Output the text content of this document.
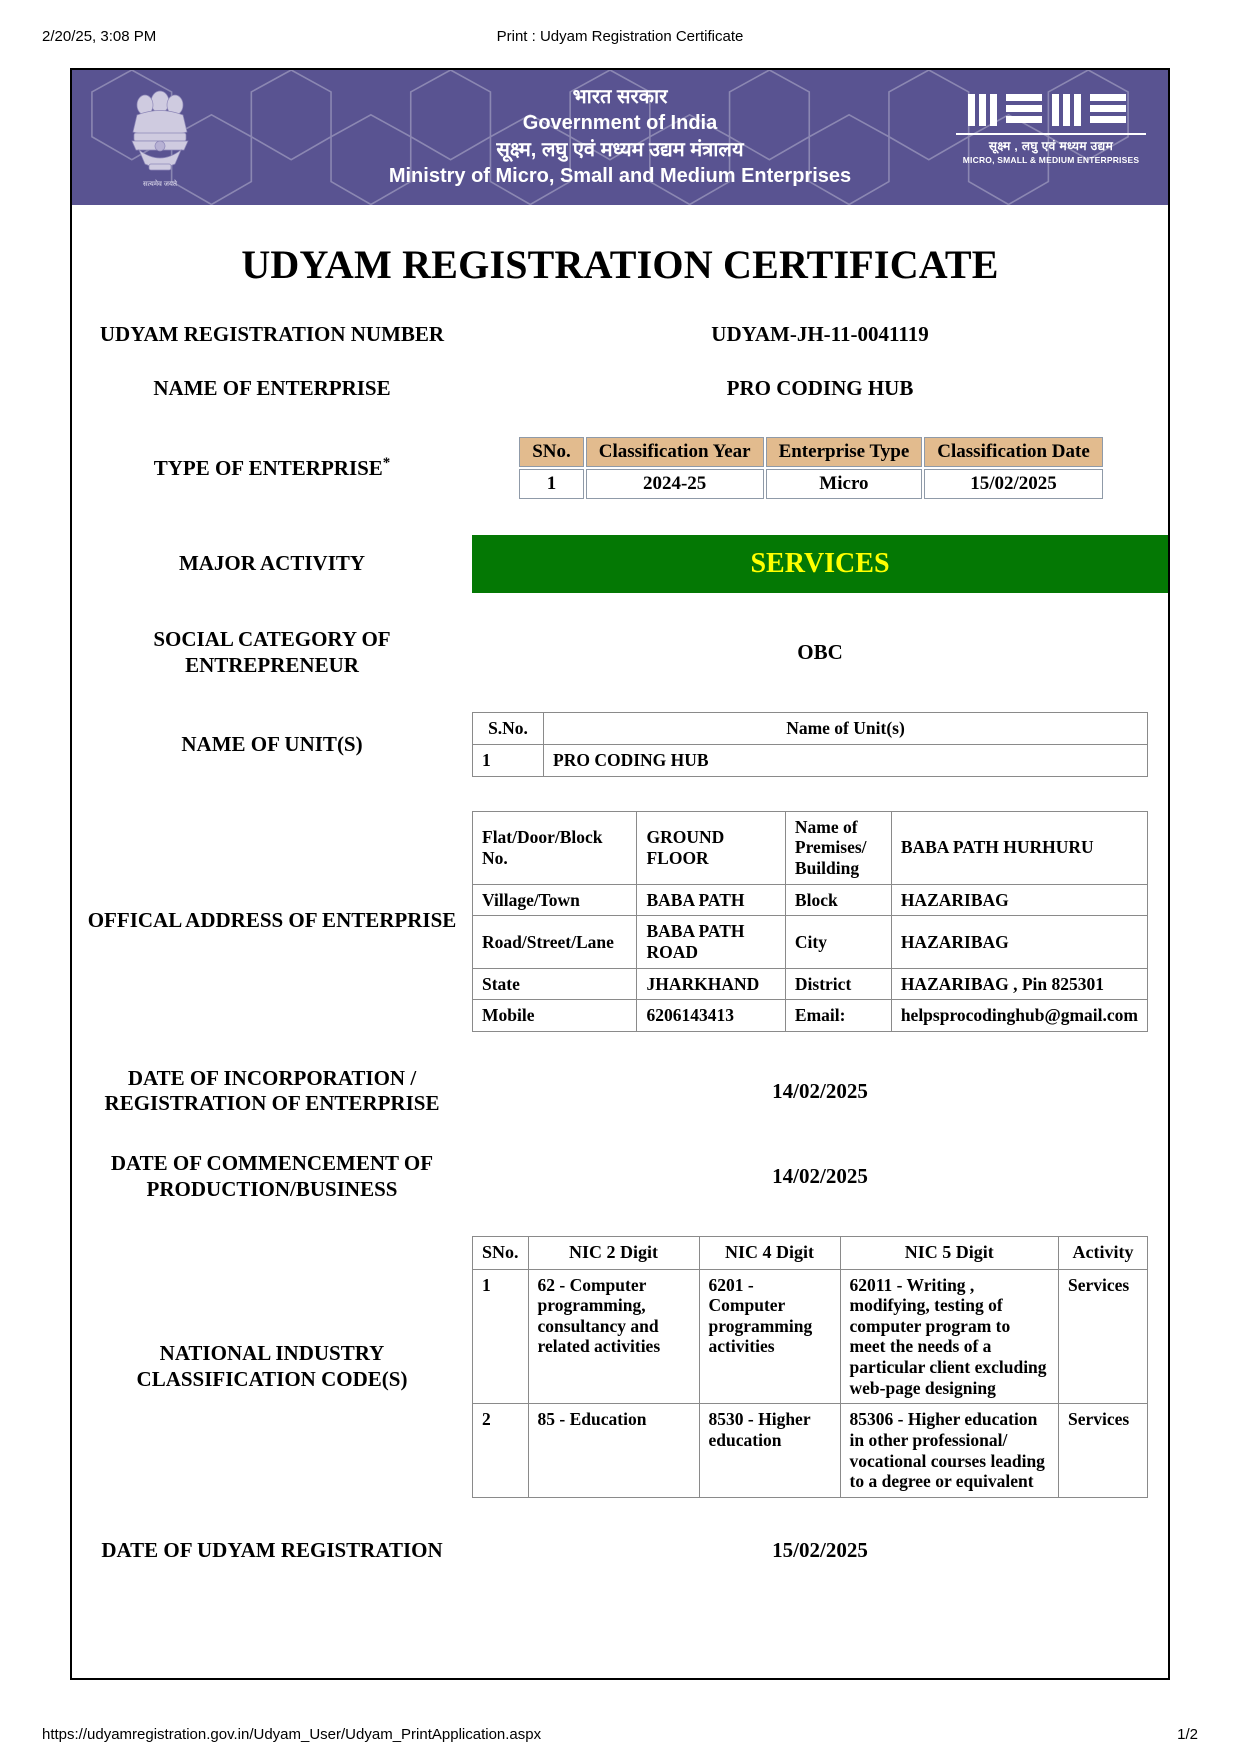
2/20/25, 3:08 PM	Print : Udyam Registration Certificate
सत्यमेव जयते
भारत सरकार
Government of India
सूक्ष्म, लघु एवं मध्यम उद्यम मंत्रालय
Ministry of Micro, Small and Medium Enterprises
सूक्ष्म , लघु एवं मध्यम उद्यम
MICRO, SMALL & MEDIUM ENTERPRISES
UDYAM REGISTRATION CERTIFICATE
UDYAM REGISTRATION NUMBER	UDYAM-JH-11-0041119
NAME OF ENTERPRISE	PRO CODING HUB
TYPE OF ENTERPRISE*
SNo.	Classification Year	Enterprise Type	Classification Date
1	2024-25	Micro	15/02/2025
MAJOR ACTIVITY	SERVICES
SOCIAL CATEGORY OF ENTREPRENEUR
OBC
NAME OF UNIT(S)
S.No.	Name of Unit(s)
1	PRO CODING HUB
OFFICAL ADDRESS OF ENTERPRISE
Flat/Door/Block No.	GROUND FLOOR	Name of Premises/ Building	BABA PATH HURHURU
Village/Town	BABA PATH	Block	HAZARIBAG
Road/Street/Lane	BABA PATH ROAD	City	HAZARIBAG
State	JHARKHAND	District	HAZARIBAG , Pin 825301
Mobile	6206143413	Email:	helpsprocodinghub@gmail.com
DATE OF INCORPORATION / REGISTRATION OF ENTERPRISE
14/02/2025
DATE OF COMMENCEMENT OF PRODUCTION/BUSINESS
14/02/2025
NATIONAL INDUSTRY CLASSIFICATION CODE(S)
SNo.	NIC 2 Digit	NIC 4 Digit	NIC 5 Digit	Activity
1	62 - Computer programming, consultancy and related activities	6201 - Computer programming activities	62011 - Writing , modifying, testing of computer program to meet the needs of a particular client excluding web-page designing	Services
2	85 - Education	8530 - Higher education	85306 - Higher education in other professional/ vocational courses leading to a degree or equivalent	Services
DATE OF UDYAM REGISTRATION	15/02/2025
https://udyamregistration.gov.in/Udyam_User/Udyam_PrintApplication.aspx	1/2
